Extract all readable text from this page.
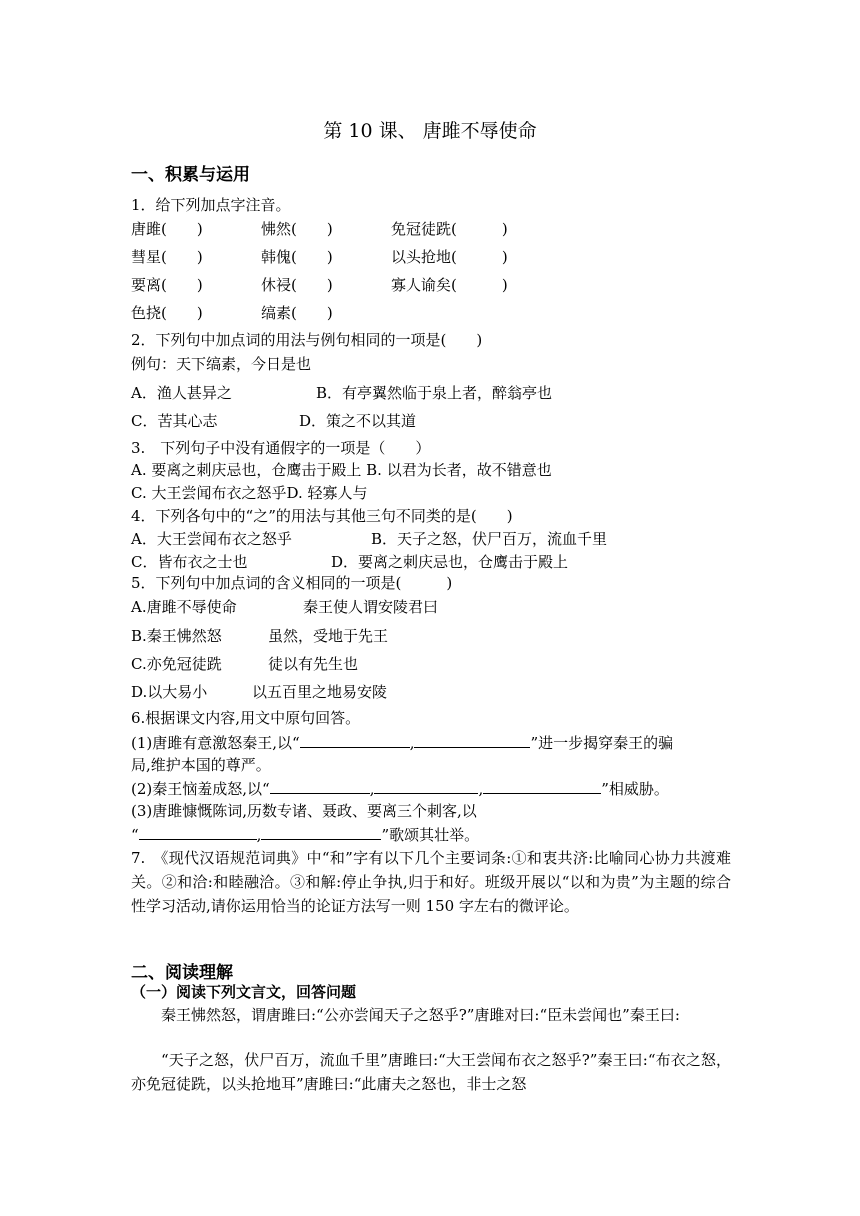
第 10 课、 唐雎不辱使命
一、积累与运用
1．给下列加点字注音。
唐雎(　　)	怫然(　　)	免冠徒跣(　　　)
彗星(　　)	韩傀(　　)	以头抢地(　　　)
要离(　　)	休祲(　　)	寡人谕矣(　　　)
色挠(　　)	缟素(　　)
2．下列句中加点词的用法与例句相同的一项是(　　)
例句：天下缟素，今日是也
A．渔人甚异之	B．有亭翼然临于泉上者，醉翁亭也
C．苦其心志	D．策之不以其道
3.　下列句子中没有通假字的一项是（　　）
A. 要离之刺庆忌也，仓鹰击于殿上 B. 以君为长者，故不错意也
C. 大王尝闻布衣之怒乎D. 轻寡人与
4．下列各句中的“之”的用法与其他三句不同类的是(　　)
A．大王尝闻布衣之怒乎	B．天子之怒，伏尸百万，流血千里
C．皆布衣之士也	D．要离之刺庆忌也，仓鹰击于殿上
5．下列句中加点词的含义相同的一项是(　　　)
A.唐雎不辱使命	秦王使人谓安陵君曰
B.秦王怫然怒	虽然，受地于先王
C.亦免冠徒跣	徒以有先生也
D.以大易小	以五百里之地易安陵
6.根据课文内容,用文中原句回答。
(1)唐雎有意激怒秦王,以“	,	”进一步揭穿秦王的骗
局,维护本国的尊严。
(2)秦王恼羞成怒,以“	,	,	”相威胁。
(3)唐雎慷慨陈词,历数专诸、聂政、要离三个刺客,以
“	,	”歌颂其壮举。
7.　《现代汉语规范词典》中“和”字有以下几个主要词条:①和衷共济:比喻同心协力共渡难关。②和洽:和睦融洽。③和解:停止争执,归于和好。班级开展以“以和为贵”为主题的综合性学习活动,请你运用恰当的论证方法写一则 150 字左右的微评论。
二、阅读理解
（一）阅读下列文言文，回答问题
秦王怫然怒，谓唐雎曰:“公亦尝闻天子之怒乎?”唐雎对曰:“臣未尝闻也”秦王曰:
“天子之怒，伏尸百万，流血千里”唐雎曰:“大王尝闻布衣之怒乎?”秦王曰:“布衣之怒，亦免冠徒跣，以头抢地耳”唐雎曰:“此庸夫之怒也，非士之怒
